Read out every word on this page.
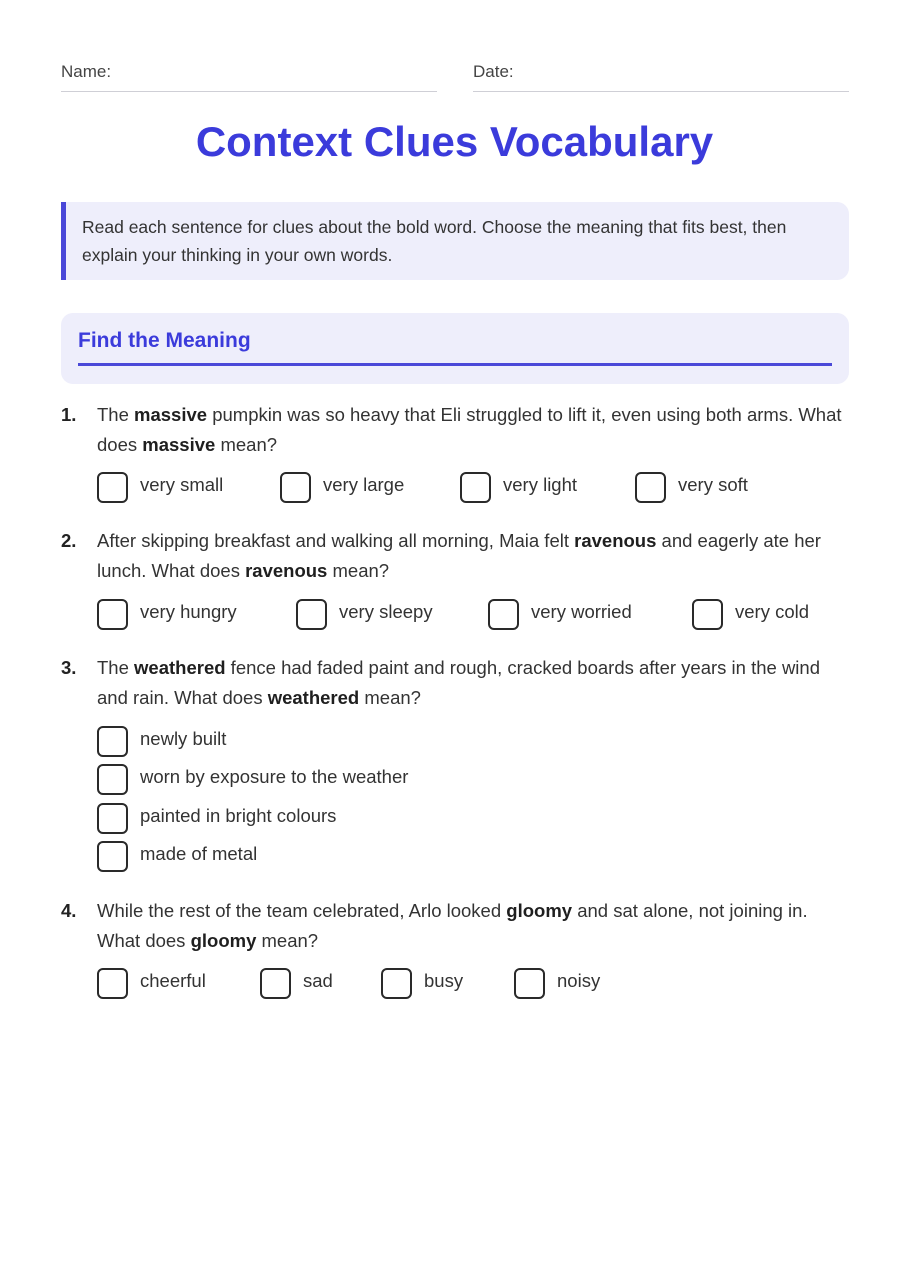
Name:	Date:
Context Clues Vocabulary
Read each sentence for clues about the bold word. Choose the meaning that fits best, then explain your thinking in your own words.
Find the Meaning
1. The massive pumpkin was so heavy that Eli struggled to lift it, even using both arms. What does massive mean?
very small	very large	very light	very soft
2. After skipping breakfast and walking all morning, Maia felt ravenous and eagerly ate her lunch. What does ravenous mean?
very hungry	very sleepy	very worried	very cold
3. The weathered fence had faded paint and rough, cracked boards after years in the wind and rain. What does weathered mean?
newly built
worn by exposure to the weather
painted in bright colours
made of metal
4. While the rest of the team celebrated, Arlo looked gloomy and sat alone, not joining in. What does gloomy mean?
cheerful	sad	busy	noisy
